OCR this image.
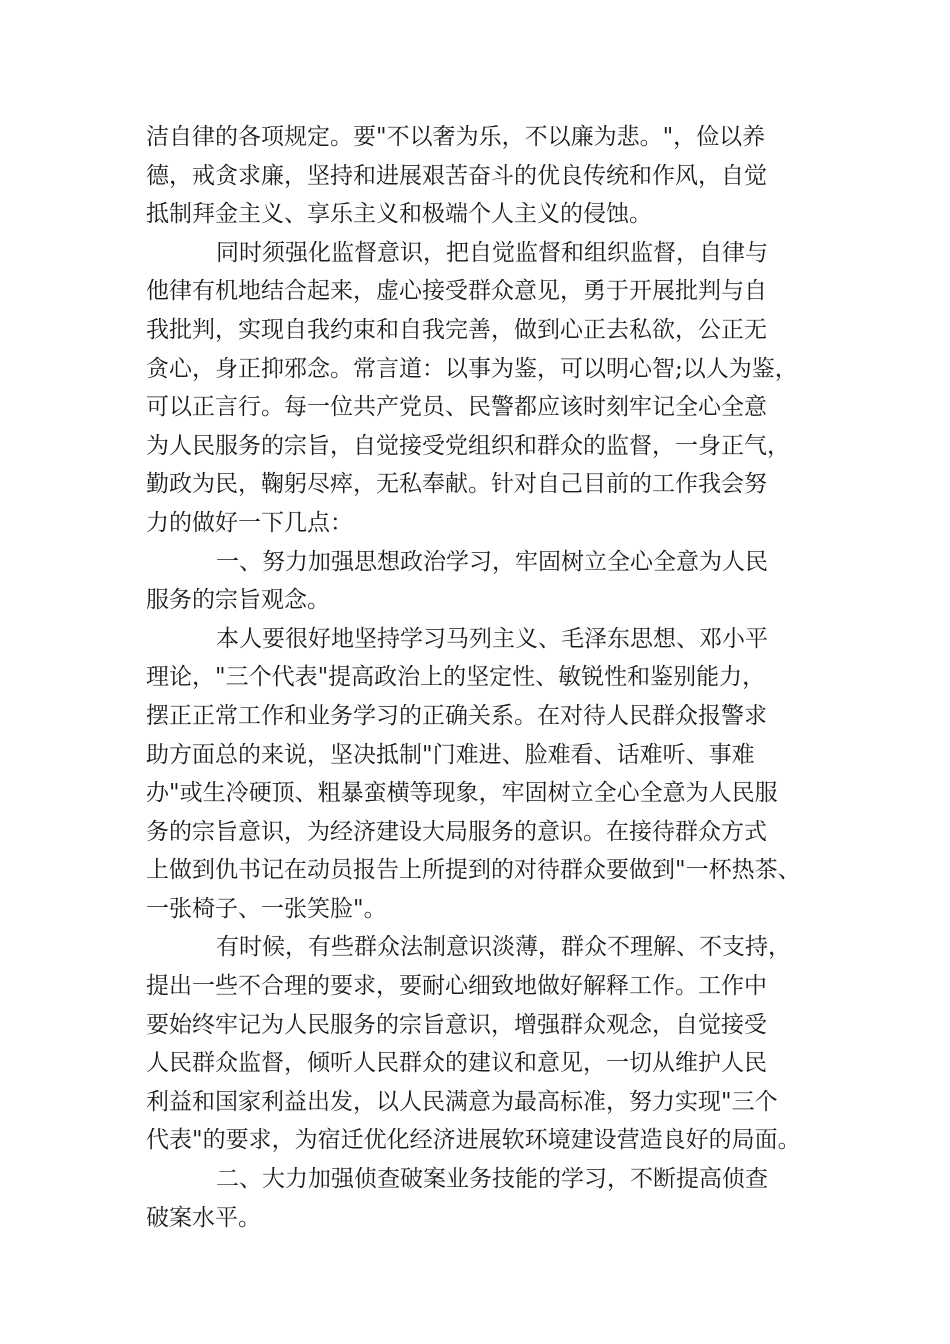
洁自律的各项规定。要"不以奢为乐，不以廉为悲。"，俭以养
德，戒贪求廉，坚持和进展艰苦奋斗的优良传统和作风，自觉
抵制拜金主义、享乐主义和极端个人主义的侵蚀。
同时须强化监督意识，把自觉监督和组织监督，自律与
他律有机地结合起来，虚心接受群众意见，勇于开展批判与自
我批判，实现自我约束和自我完善，做到心正去私欲，公正无
贪心，身正抑邪念。常言道：以事为鉴，可以明心智;以人为鉴，
可以正言行。每一位共产党员、民警都应该时刻牢记全心全意
为人民服务的宗旨，自觉接受党组织和群众的监督，一身正气，
勤政为民，鞠躬尽瘁，无私奉献。针对自己目前的工作我会努
力的做好一下几点：
一、努力加强思想政治学习，牢固树立全心全意为人民
服务的宗旨观念。
本人要很好地坚持学习马列主义、毛泽东思想、邓小平
理论，"三个代表"提高政治上的坚定性、敏锐性和鉴别能力，
摆正正常工作和业务学习的正确关系。在对待人民群众报警求
助方面总的来说，坚决抵制"门难进、脸难看、话难听、事难
办"或生冷硬顶、粗暴蛮横等现象，牢固树立全心全意为人民服
务的宗旨意识，为经济建设大局服务的意识。在接待群众方式
上做到仇书记在动员报告上所提到的对待群众要做到"一杯热茶、
一张椅子、一张笑脸"。
有时候，有些群众法制意识淡薄，群众不理解、不支持，
提出一些不合理的要求，要耐心细致地做好解释工作。工作中
要始终牢记为人民服务的宗旨意识，增强群众观念，自觉接受
人民群众监督，倾听人民群众的建议和意见，一切从维护人民
利益和国家利益出发，以人民满意为最高标准，努力实现"三个
代表"的要求，为宿迁优化经济进展软环境建设营造良好的局面。
二、大力加强侦查破案业务技能的学习，不断提高侦查
破案水平。
